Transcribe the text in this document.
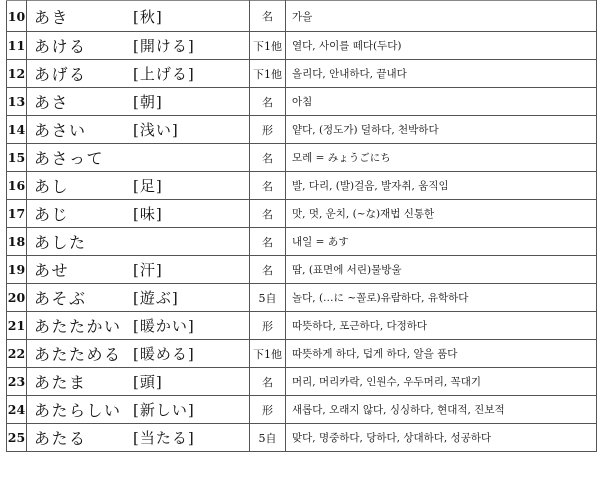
10	あき [秋]	名	가을
11	あける [開ける]	下1他	열다, 사이를 떼다(두다)
12	あげる [上げる]	下1他	올리다, 안내하다, 끝내다
13	あさ [朝]	名	아침
14	あさい [浅い]	形	얕다, (정도가) 덜하다, 천박하다
15	あさって	名	모레 = みょうごにち
16	あし [足]	名	발, 다리, (발)걸음, 발자취, 움직임
17	あじ [味]	名	맛, 멋, 운치, (~な)재법 신통한
18	あした	名	내일 = あす
19	あせ [汗]	名	땀, (표면에 서린)물방울
20	あそぶ [遊ぶ]	5自	놀다, (…に ~꼴로)유람하다, 유학하다
21	あたたかい [暖かい]	形	따뜻하다, 포근하다, 다정하다
22	あたためる [暖める]	下1他	따뜻하게 하다, 덥게 하다, 알을 품다
23	あたま [頭]	名	머리, 머리카락, 인원수, 우두머리, 꼭대기
24	あたらしい [新しい]	形	새롭다, 오래지 않다, 싱싱하다, 현대적, 진보적
25	あたる [当たる]	5自	맞다, 명중하다, 당하다, 상대하다, 성공하다
